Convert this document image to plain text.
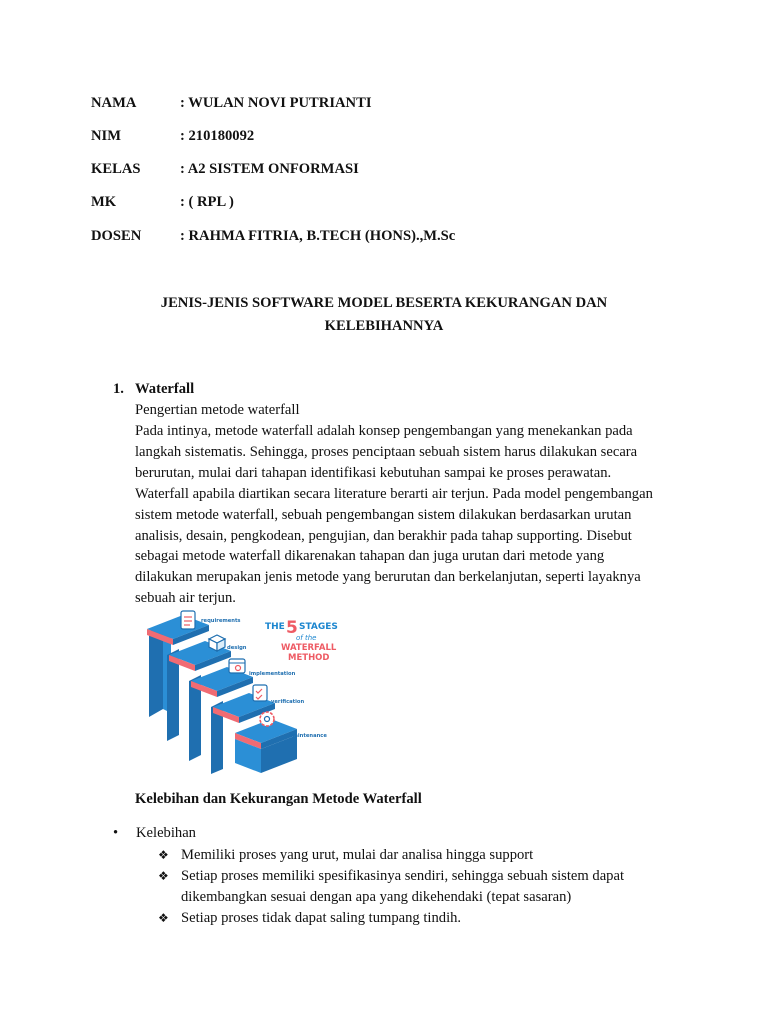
NAMA	: WULAN NOVI PUTRIANTI
NIM	: 210180092
KELAS	: A2 SISTEM ONFORMASI
MK	: ( RPL )
DOSEN	: RAHMA FITRIA, B.TECH (HONS).,M.Sc
JENIS-JENIS SOFTWARE MODEL BESERTA KEKURANGAN DAN
KELEBIHANNYA
1. Waterfall
Pengertian metode waterfall
Pada intinya, metode waterfall adalah konsep pengembangan yang menekankan pada
langkah sistematis. Sehingga, proses penciptaan sebuah sistem harus dilakukan secara
berurutan, mulai dari tahapan identifikasi kebutuhan sampai ke proses perawatan.
Waterfall apabila diartikan secara literature berarti air terjun. Pada model pengembangan
sistem metode waterfall, sebuah pengembangan sistem dilakukan berdasarkan urutan
analisis, desain, pengkodean, pengujian, dan berakhir pada tahap supporting. Disebut
sebagai metode waterfall dikarenakan tahapan dan juga urutan dari metode yang
dilakukan merupakan jenis metode yang berurutan dan berkelanjutan, seperti layaknya
sebuah air terjun.
requirements
design
implementation
verification
maintenance
THE 5 STAGES
of the
WATERFALL
METHOD
Kelebihan dan Kekurangan Metode Waterfall
• Kelebihan
❖ Memiliki proses yang urut, mulai dar analisa hingga support
❖ Setiap proses memiliki spesifikasinya sendiri, sehingga sebuah sistem dapat
dikembangkan sesuai dengan apa yang dikehendaki (tepat sasaran)
❖ Setiap proses tidak dapat saling tumpang tindih.
